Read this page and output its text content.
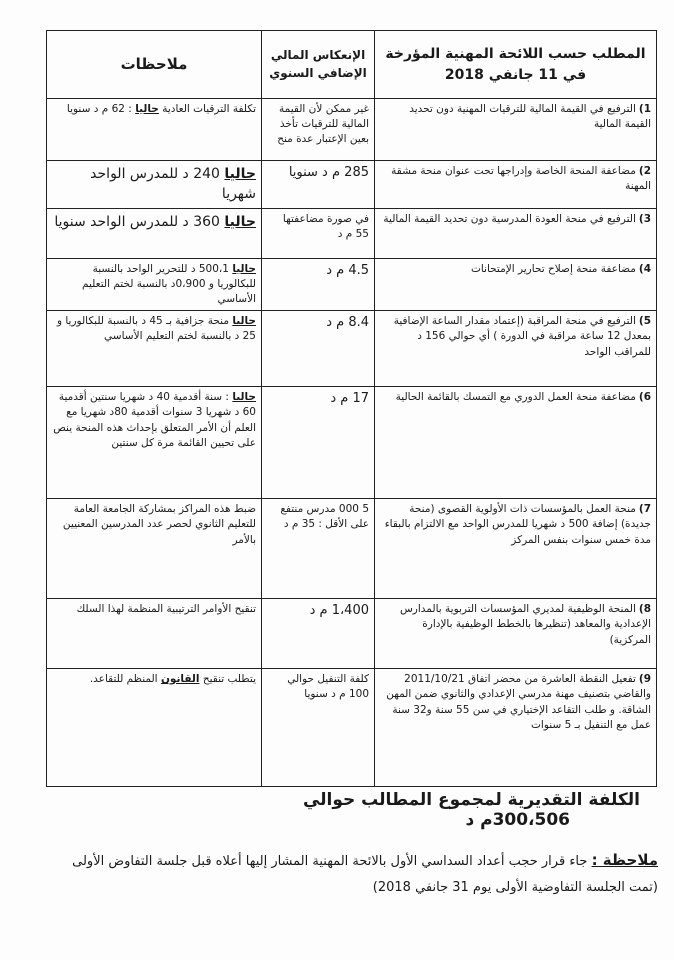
المطلب حسب اللائحة المهنية المؤرخة في 11 جانفي 2018	الإنعكاس المالي الإضافي السنوي	ملاحظات
1)الترفيع في القيمة المالية للترقيات المهنية دون تحديد القيمة المالية	غير ممكن لأن القيمة المالية للترقيات تأخذ بعين الإعتبار عدة منح	تكلفة الترقيات العادية حاليا : 62 م د سنويا
2)مضاعفة المنحة الخاصة وإدراجها تحت عنوان منحة مشقة المهنة	285 م د سنويا	حاليا 240 د للمدرس الواحد شهريا
3)الترفيع في منحة العودة المدرسية دون تحديد القيمة المالية	في صورة مضاعفتها 55 م د	حاليا 360 د للمدرس الواحد سنويا
4)مضاعفة منحة إصلاح تحارير الإمتحانات	4.5 م د	حاليا 500،1 د للتحرير الواحد بالنسبة للبكالوريا و 0،900د بالنسبة لختم التعليم الأساسي
5)الترفيع في منحة المراقبة (إعتماد مقدار الساعة الإضافية بمعدل 12 ساعة مراقبة في الدورة ) أي حوالي 156 د للمراقب الواحد	8.4 م د	حاليا منحة جزافية بـ 45 د بالنسبة للبكالوريا و 25 د بالنسبة لختم التعليم الأساسي
6)مضاعفة منحة العمل الدوري مع التمسك بالقائمة الحالية	17 م د	حاليا : سنة أقدمية 40 د شهريا سنتين أقدمية 60 د شهريا 3 سنوات أقدمية 80د شهريا مع العلم أن الأمر المتعلق بإحداث هذه المنحة ينص على تحيين القائمة مرة كل سنتين
7)منحة العمل بالمؤسسات ذات الأولوية القصوى (منحة جديدة) إضافة 500 د شهريا للمدرس الواحد مع الالتزام بالبقاء مدة خمس سنوات بنفس المركز	5 000 مدرس منتفع على الأقل : 35 م د	ضبط هذه المراكز بمشاركة الجامعة العامة للتعليم الثانوي لحصر عدد المدرسين المعنيين بالأمر
8)المنحة الوظيفية لمديري المؤسسات التربوية بالمدارس الإعدادية والمعاهد (تنظيرها بالخطط الوظيفية بالإدارة المركزية)	1،400 م د	تنقيح الأوامر الترتيبية المنظمة لهذا السلك
9)تفعيل النقطة العاشرة من محضر اتفاق 2011/10/21 والقاضي بتصنيف مهنة مدرسي الإعدادي والثانوي ضمن المهن الشاقة. و طلب التقاعد الإختياري في سن 55 سنة و32 سنة عمل مع التنفيل بـ 5 سنوات	كلفة التنفيل حوالي 100 م د سنويا	يتطلب تنقيح القانون المنظم للتقاعد.
الكلفة التقديرية لمجموع المطالب حوالي 300،506م د
ملاحظة : جاء قرار حجب أعداد السداسي الأول بالائحة المهنية المشار إليها أعلاه قبل جلسة التفاوض الأولى (تمت الجلسة التفاوضية الأولى يوم 31 جانفي 2018)
